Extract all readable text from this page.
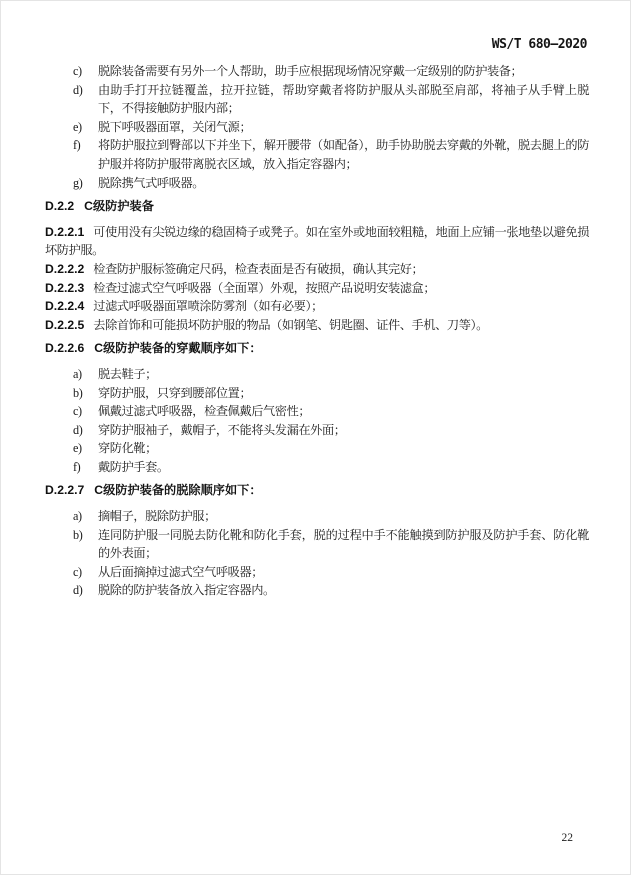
WS/T 680—2020
c)	脱除装备需要有另外一个人帮助，助手应根据现场情况穿戴一定级别的防护装备；
d)	由助手打开拉链覆盖，拉开拉链，帮助穿戴者将防护服从头部脱至肩部，将袖子从手臂上脱下，不得接触防护服内部；
e)	脱下呼吸器面罩，关闭气源；
f)	将防护服拉到臀部以下并坐下，解开腰带（如配备），助手协助脱去穿戴的外靴，脱去腿上的防护服并将防护服带离脱衣区域，放入指定容器内；
g)	脱除携气式呼吸器。
D.2.2 C级防护装备

D.2.2.1 可使用没有尖锐边缘的稳固椅子或凳子。如在室外或地面较粗糙，地面上应铺一张地垫以避免损坏防护服。

D.2.2.2 检查防护服标签确定尺码，检查表面是否有破损，确认其完好；

D.2.2.3 检查过滤式空气呼吸器（全面罩）外观，按照产品说明安装滤盒；

D.2.2.4 过滤式呼吸器面罩喷涂防雾剂（如有必要）；

D.2.2.5 去除首饰和可能损坏防护服的物品（如钢笔、钥匙圈、证件、手机、刀等）。

D.2.2.6 C级防护装备的穿戴顺序如下：
a)	脱去鞋子；
b)	穿防护服，只穿到腰部位置；
c)	佩戴过滤式呼吸器，检查佩戴后气密性；
d)	穿防护服袖子，戴帽子，不能将头发漏在外面；
e)	穿防化靴；
f)	戴防护手套。
D.2.2.7 C级防护装备的脱除顺序如下：
a)	摘帽子，脱除防护服；
b)	连同防护服一同脱去防化靴和防化手套，脱的过程中手不能触摸到防护服及防护手套、防化靴的外表面；
c)	从后面摘掉过滤式空气呼吸器；
d)	脱除的防护装备放入指定容器内。
22
